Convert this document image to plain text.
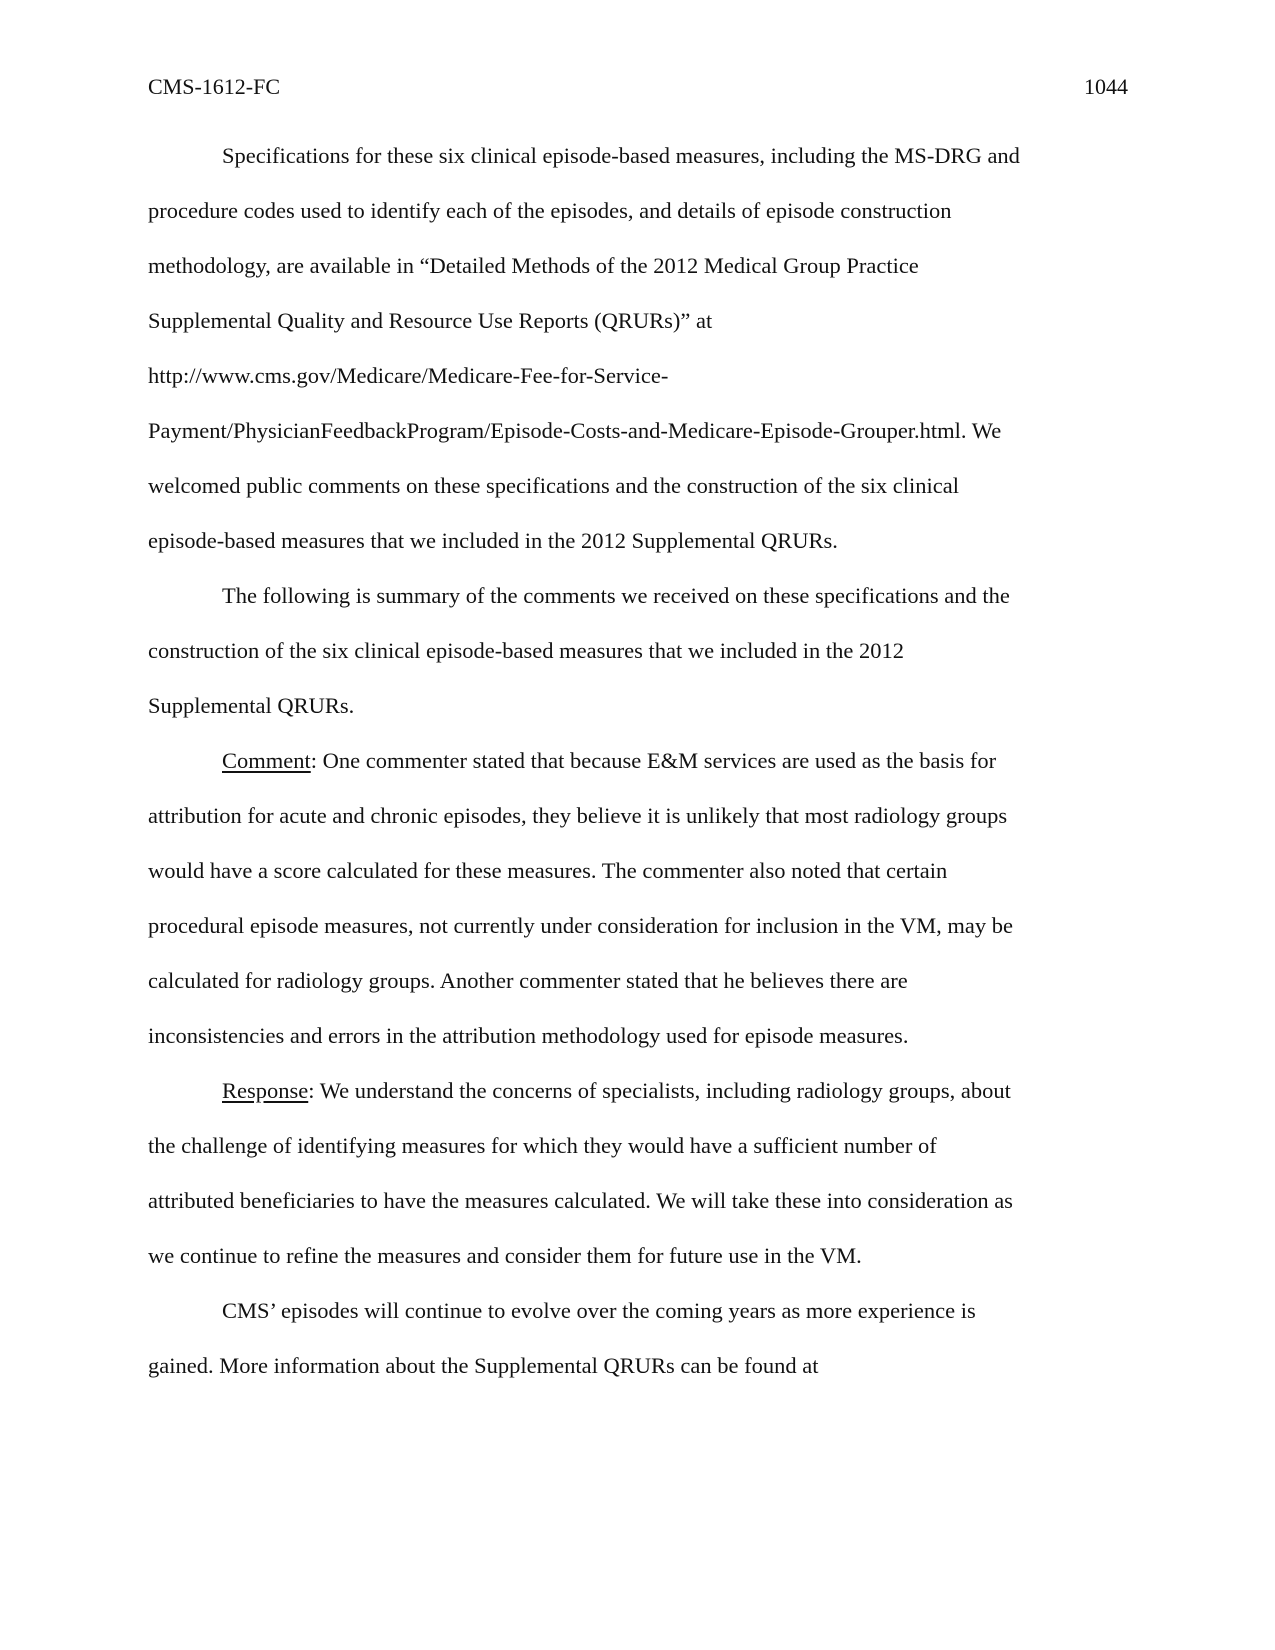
CMS-1612-FC	1044
Specifications for these six clinical episode-based measures, including the MS-DRG and
procedure codes used to identify each of the episodes, and details of episode construction
methodology, are available in “Detailed Methods of the 2012 Medical Group Practice
Supplemental Quality and Resource Use Reports (QRURs)” at
http://www.cms.gov/Medicare/Medicare-Fee-for-Service-
Payment/PhysicianFeedbackProgram/Episode-Costs-and-Medicare-Episode-Grouper.html. We
welcomed public comments on these specifications and the construction of the six clinical
episode-based measures that we included in the 2012 Supplemental QRURs.
The following is summary of the comments we received on these specifications and the
construction of the six clinical episode-based measures that we included in the 2012
Supplemental QRURs.
Comment: One commenter stated that because E&M services are used as the basis for
attribution for acute and chronic episodes, they believe it is unlikely that most radiology groups
would have a score calculated for these measures. The commenter also noted that certain
procedural episode measures, not currently under consideration for inclusion in the VM, may be
calculated for radiology groups. Another commenter stated that he believes there are
inconsistencies and errors in the attribution methodology used for episode measures.
Response: We understand the concerns of specialists, including radiology groups, about
the challenge of identifying measures for which they would have a sufficient number of
attributed beneficiaries to have the measures calculated. We will take these into consideration as
we continue to refine the measures and consider them for future use in the VM.
CMS’ episodes will continue to evolve over the coming years as more experience is
gained. More information about the Supplemental QRURs can be found at
